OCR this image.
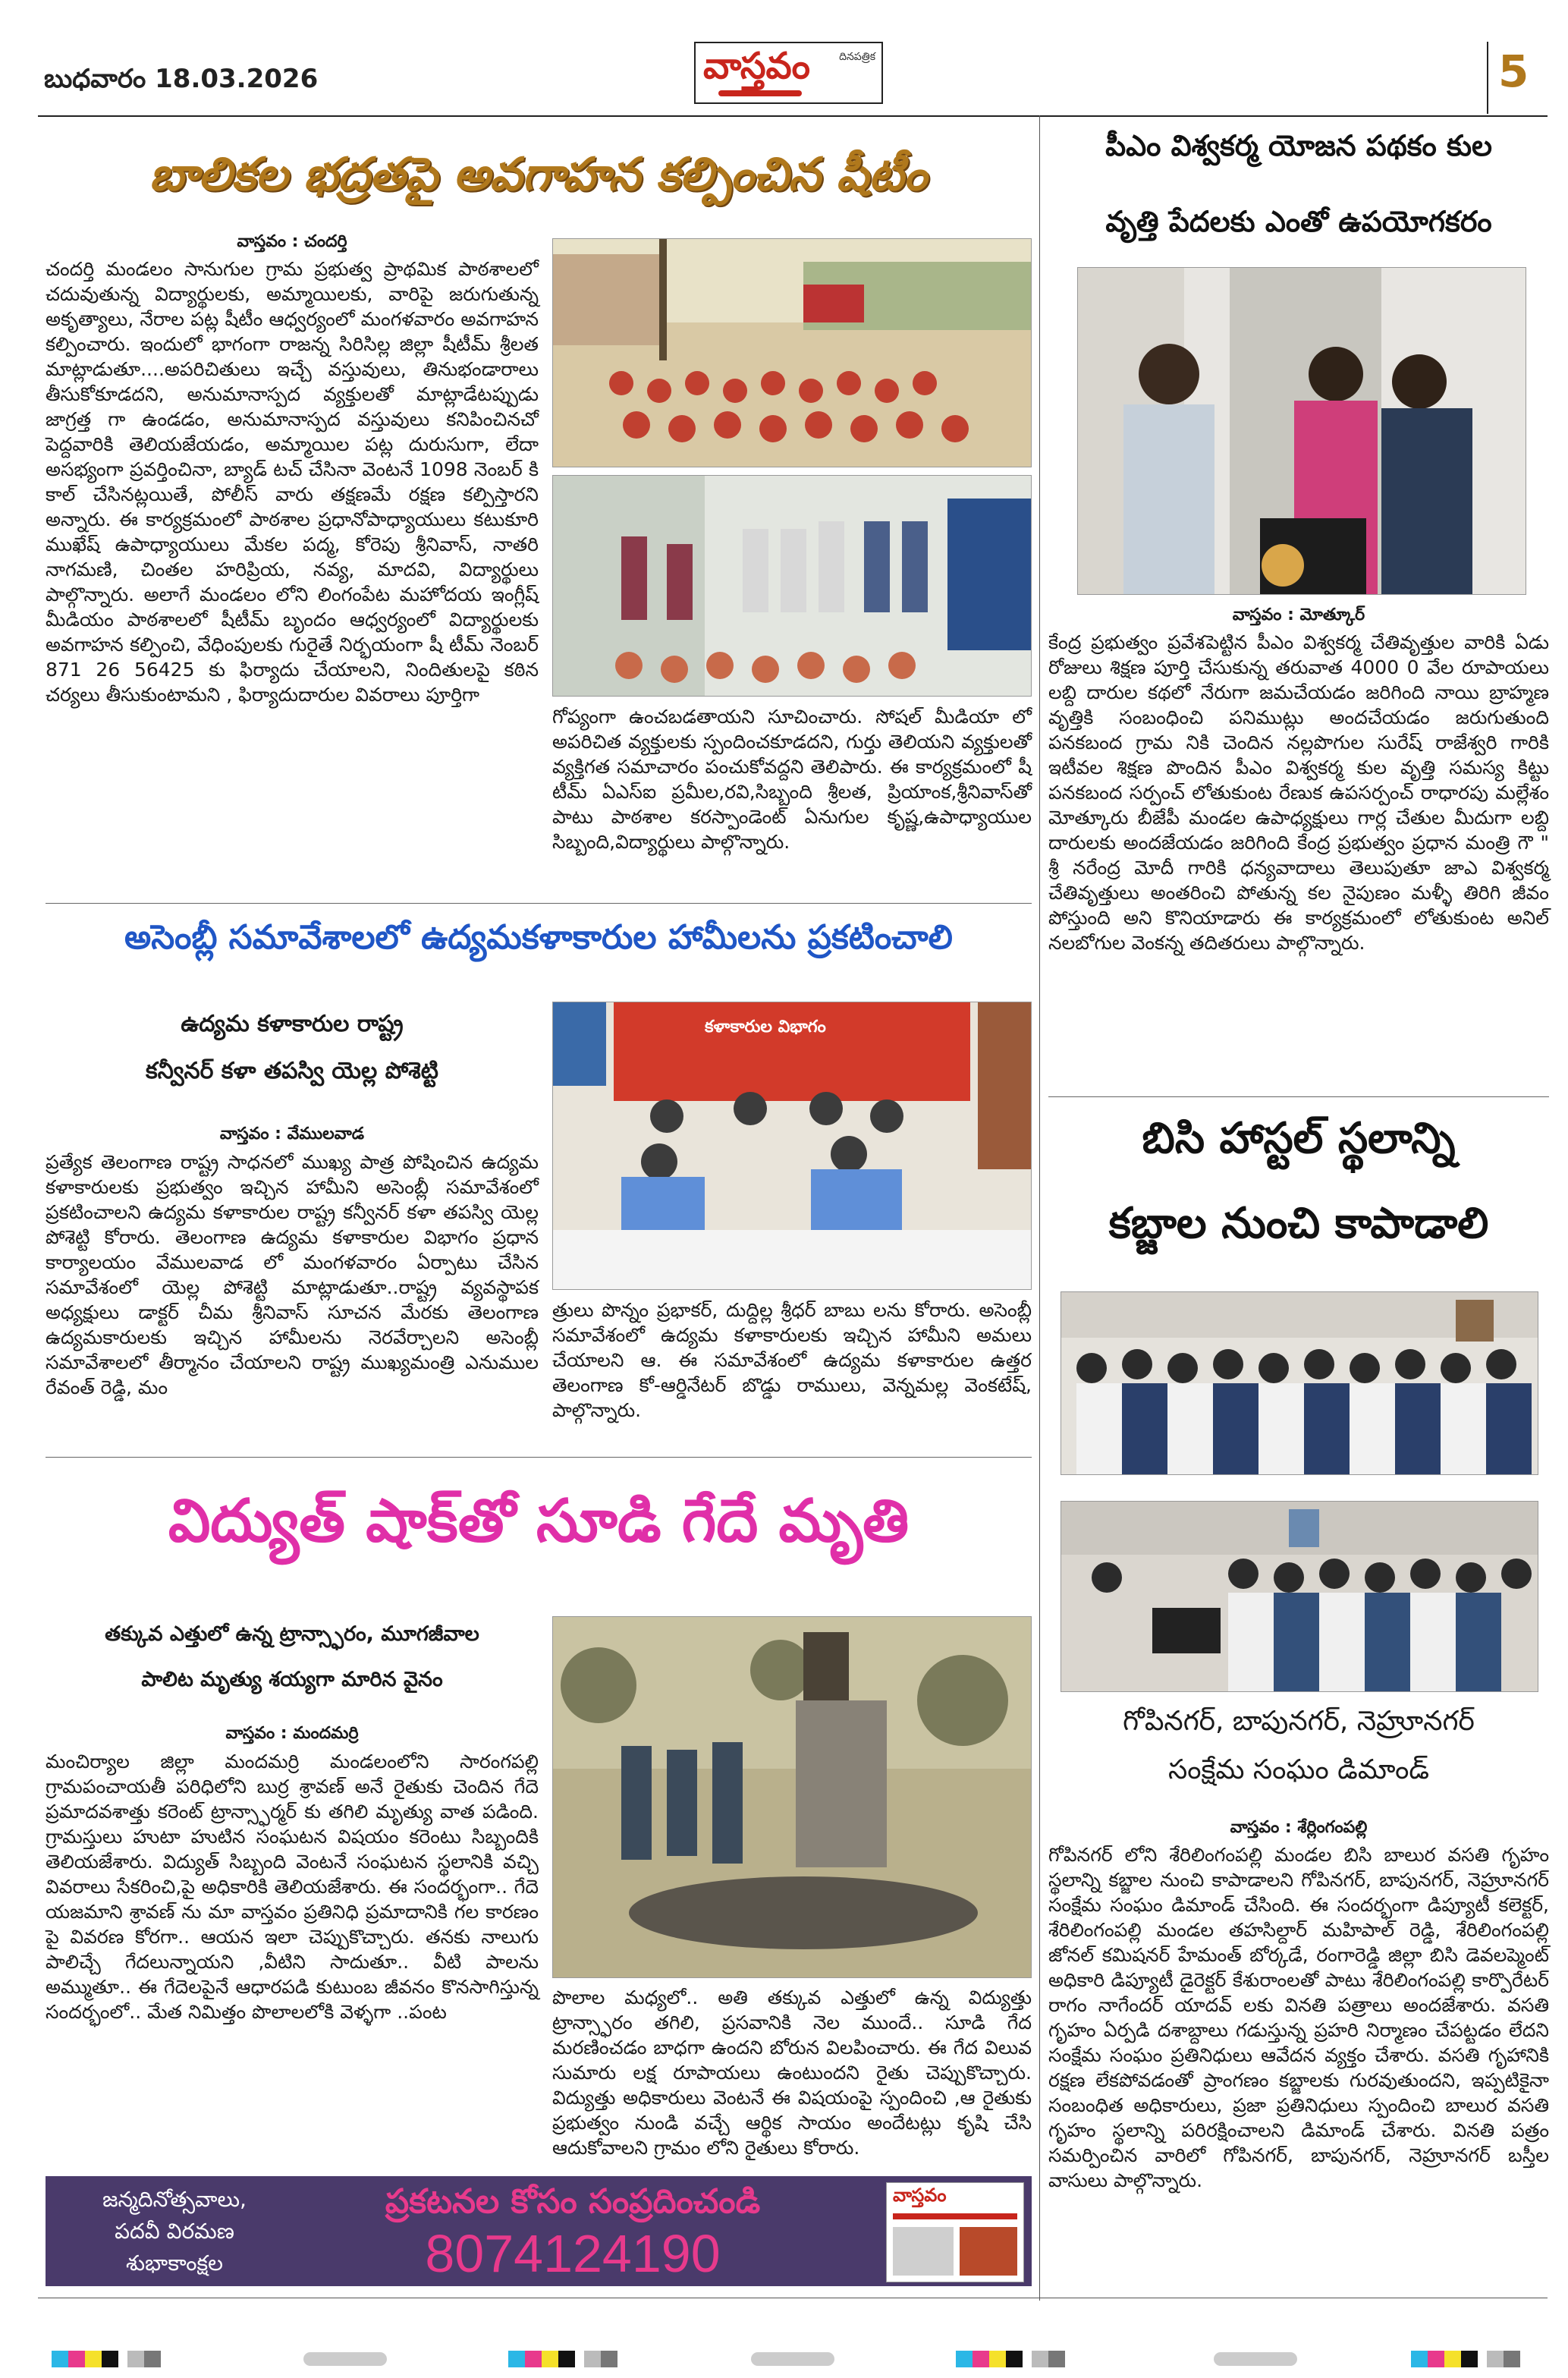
బుధవారం 18.03.2026	వాస్తవం	దినపత్రిక	5
బాలికల భద్రతపై అవగాహన కల్పించిన షీటీం
వాస్తవం : చందర్తి
చందర్తి మండలం సానుగుల గ్రామ ప్రభుత్వ ప్రాథమిక పాఠశాలలో చదువుతున్న విద్యార్థులకు, అమ్మాయిలకు, వారిపై జరుగుతున్న అకృత్యాలు, నేరాల పట్ల షీటీం ఆధ్వర్యంలో మంగళవారం అవగాహన కల్పించారు. ఇందులో భాగంగా రాజన్న సిరిసిల్ల జిల్లా షీటీమ్ శ్రీలత మాట్లాడుతూ....అపరిచితులు ఇచ్చే వస్తువులు, తినుభండారాలు తీసుకోకూడదని, అనుమానాస్పద వ్యక్తులతో మాట్లాడేటప్పుడు జాగ్రత్త గా ఉండడం, అనుమానాస్పద వస్తువులు కనిపించినచో పెద్దవారికి తెలియజేయడం, అమ్మాయిల పట్ల దురుసుగా, లేదా అసభ్యంగా ప్రవర్తించినా, బ్యాడ్ టచ్ చేసినా వెంటనే 1098 నెంబర్ కి కాల్ చేసినట్లయితే, పోలీస్ వారు తక్షణమే రక్షణ కల్పిస్తారని అన్నారు. ఈ కార్యక్రమంలో పాఠశాల ప్రధానోపాధ్యాయులు కటుకూరి ముఖేష్ ఉపాధ్యాయులు మేకల పద్మ, కోరెపు శ్రీనివాస్, నాతరి నాగమణి, చింతల హరిప్రియ, నవ్య, మాదవి, విద్యార్థులు పాల్గొన్నారు. అలాగే మండలం లోని లింగంపేట మహోదయ ఇంగ్లీష్ మీడియం పాఠశాలలో షీటీమ్ బృందం ఆధ్వర్యంలో విద్యార్థులకు అవగాహన కల్పించి, వేధింపులకు గురైతే నిర్భయంగా షీ టీమ్ నెంబర్ 871 26 56425 కు ఫిర్యాదు చేయాలని, నిందితులపై కఠిన చర్యలు తీసుకుంటామని , ఫిర్యాదుదారుల వివరాలు పూర్తిగా
గోప్యంగా ఉంచబడతాయని సూచించారు. సోషల్ మీడియా లో అపరిచిత వ్యక్తులకు స్పందించకూడదని, గుర్తు తెలియని వ్యక్తులతో వ్యక్తిగత సమాచారం పంచుకోవద్దని తెలిపారు. ఈ కార్యక్రమంలో షీ టీమ్ ఏఎస్ఐ ప్రమీల,రవి,సిబ్బంది శ్రీలత, ప్రియాంక,శ్రీనివాస్‌తో పాటు పాఠశాల కరస్పాండెంట్ ఏనుగుల కృష్ణ,ఉపాధ్యాయుల సిబ్బంది,విద్యార్థులు పాల్గొన్నారు.
అసెంబ్లీ సమావేశాలలో ఉద్యమకళాకారుల హామీలను ప్రకటించాలి
ఉద్యమ కళాకారుల రాష్ట్ర
కన్వీనర్ కళా తపస్వి యెల్ల పోశెట్టి
వాస్తవం : వేములవాడ
ప్రత్యేక తెలంగాణ రాష్ట్ర సాధనలో ముఖ్య పాత్ర పోషించిన ఉద్యమ కళాకారులకు ప్రభుత్వం ఇచ్చిన హామీని అసెంబ్లీ సమావేశంలో ప్రకటించాలని ఉద్యమ కళాకారుల రాష్ట్ర కన్వీనర్ కళా తపస్వి యెల్ల పోశెట్టి కోరారు. తెలంగాణ ఉద్యమ కళాకారుల విభాగం ప్రధాన కార్యాలయం వేములవాడ లో మంగళవారం ఏర్పాటు చేసిన సమావేశంలో యెల్ల పోశెట్టి మాట్లాడుతూ..రాష్ట్ర వ్యవస్థాపక అధ్యక్షులు డాక్టర్ చీమ శ్రీనివాస్ సూచన మేరకు తెలంగాణ ఉద్యమకారులకు ఇచ్చిన హామీలను నెరవేర్చాలని అసెంబ్లీ సమావేశాలలో తీర్మానం చేయాలని రాష్ట్ర ముఖ్యమంత్రి ఎనుముల రేవంత్ రెడ్డి, మం
కళాకారుల విభాగం
త్రులు పొన్నం ప్రభాకర్, దుద్దిల్ల శ్రీధర్ బాబు లను కోరారు. అసెంబ్లీ సమావేశంలో ఉద్యమ కళాకారులకు ఇచ్చిన హామీని అమలు చేయాలని ఆ. ఈ సమావేశంలో ఉద్యమ కళాకారుల ఉత్తర తెలంగాణ కో-ఆర్డినేటర్ బొడ్డు రాములు, వెన్నమల్ల వెంకటేష్, పాల్గొన్నారు.
విద్యుత్ షాక్‌తో సూడి గేదే మృతి
తక్కువ ఎత్తులో ఉన్న ట్రాన్స్ఫారం, మూగజీవాల
పాలిట మృత్యు శయ్యగా మారిన వైనం
వాస్తవం : మందమర్రి
మంచిర్యాల జిల్లా మందమర్రి మండలంలోని సారంగపల్లి గ్రామపంచాయతీ పరిధిలోని బుర్ర శ్రావణ్ అనే రైతుకు చెందిన గేదె ప్రమాదవశాత్తు కరెంట్ ట్రాన్స్ఫార్మర్ కు తగిలి మృత్యు వాత పడింది. గ్రామస్తులు హుటా హుటిన సంఘటన విషయం కరెంటు సిబ్బందికి తెలియజేశారు. విద్యుత్ సిబ్బంది వెంటనే సంఘటన స్థలానికి వచ్చి వివరాలు సేకరించి,పై అధికారికి తెలియజేశారు. ఈ సందర్భంగా.. గేదె యజమాని శ్రావణ్ ను మా వాస్తవం ప్రతినిధి ప్రమాదానికి గల కారణం పై వివరణ కోరగా.. ఆయన ఇలా చెప్పుకొచ్చారు. తనకు నాలుగు పాలిచ్చే గేదలున్నాయని ,వీటిని సాదుతూ.. వీటి పాలను అమ్ముతూ.. ఈ గేదెలపైనే ఆధారపడి కుటుంబ జీవనం కొనసాగిస్తున్న సందర్భంలో.. మేత నిమిత్తం పొలాలలోకి వెళ్ళగా ..పంట
పొలాల మధ్యలో.. అతి తక్కువ ఎత్తులో ఉన్న విద్యుత్తు ట్రాన్స్ఫారం తగిలి, ప్రసవానికి నెల ముందే.. సూడి గేద మరణించడం బాధగా ఉందని బోరున విలపించారు. ఈ గేద విలువ సుమారు లక్ష రూపాయలు ఉంటుందని రైతు చెప్పుకొచ్చారు. విద్యుత్తు అధికారులు వెంటనే ఈ విషయంపై స్పందించి ,ఆ రైతుకు ప్రభుత్వం నుండి వచ్చే ఆర్థిక సాయం అందేటట్లు కృషి చేసి ఆదుకోవాలని గ్రామం లోని రైతులు కోరారు.
జన్మదినోత్సవాలు,
పదవీ విరమణ
శుభాకాంక్షల
ప్రకటనల కోసం సంప్రదించండి
8074124190
వాస్తవం
పీఎం విశ్వకర్మ యోజన పథకం కుల
వృత్తి పేదలకు ఎంతో ఉపయోగకరం
వాస్తవం : మోత్కూర్
కేంద్ర ప్రభుత్వం ప్రవేశపెట్టిన పీఎం విశ్వకర్మ చేతివృత్తుల వారికి ఏడు రోజులు శిక్షణ పూర్తి చేసుకున్న తరువాత 4000 0 వేల రూపాయలు లబ్ది దారుల కథలో నేరుగా జమచేయడం జరిగింది నాయి బ్రాహ్మణ వృత్తికి సంబంధించి పనిముట్లు అందచేయడం జరుగుతుంది పనకబంద గ్రామ నికి చెందిన నల్లపొగుల సురేష్ రాజేశ్వరి గారికి ఇటీవల శిక్షణ పొందిన పీఎం విశ్వకర్మ కుల వృత్తి సమస్య కిట్టు పనకబంద సర్పంచ్ లోతుకుంట రేణుక ఉపసర్పంచ్ రాధారపు మల్లేశం మోత్కూరు బీజేపీ మండల ఉపాధ్యక్షులు గార్ల చేతుల మీదుగా లబ్ది దారులకు అందజేయడం జరిగింది కేంద్ర ప్రభుత్వం ప్రధాన మంత్రి గౌ " శ్రీ నరేంద్ర మోదీ గారికి ధన్యవాదాలు తెలుపుతూ జాఎ విశ్వకర్మ చేతివృత్తులు అంతరించి పోతున్న కల నైపుణం మళ్ళీ తిరిగి జీవం పోస్తుంది అని కొనియాడారు ఈ కార్యక్రమంలో లోతుకుంట అనిల్ నలబోగుల వెంకన్న తదితరులు పాల్గొన్నారు.
బిసి హాస్టల్ స్థలాన్ని
కబ్జాల నుంచి కాపాడాలి
గోపినగర్, బాపునగర్, నెహ్రూనగర్
సంక్షేమ సంఘం డిమాండ్
వాస్తవం : శేర్లింగంపల్లి
గోపినగర్ లోని శేరిలింగంపల్లి మండల బిసి బాలుర వసతి గృహం స్థలాన్ని కబ్జాల నుంచి కాపాడాలని గోపినగర్, బాపునగర్, నెహ్రూనగర్ సంక్షేమ సంఘం డిమాండ్ చేసింది. ఈ సందర్భంగా డిప్యూటీ కలెక్టర్, శేరిలింగంపల్లి మండల తహసిల్దార్ మహిపాల్ రెడ్డి, శేరిలింగంపల్లి జోనల్ కమిషనర్ హేమంత్ బోర్కడే, రంగారెడ్డి జిల్లా బిసి డెవలప్మెంట్ అధికారి డిప్యూటీ డైరెక్టర్ కేశురాంలతో పాటు శేరిలింగంపల్లి కార్పొరేటర్ రాగం నాగేందర్ యాదవ్ లకు వినతి పత్రాలు అందజేశారు. వసతి గృహం ఏర్పడి దశాబ్దాలు గడుస్తున్న ప్రహరి నిర్మాణం చేపట్టడం లేదని సంక్షేమ సంఘం ప్రతినిధులు ఆవేదన వ్యక్తం చేశారు. వసతి గృహానికి రక్షణ లేకపోవడంతో ప్రాంగణం కబ్జాలకు గురవుతుందని, ఇప్పటికైనా సంబంధిత అధికారులు, ప్రజా ప్రతినిధులు స్పందించి బాలుర వసతి గృహం స్థలాన్ని పరిరక్షించాలని డిమాండ్ చేశారు. వినతి పత్రం సమర్పించిన వారిలో గోపినగర్, బాపునగర్, నెహ్రూనగర్ బస్తీల వాసులు పాల్గొన్నారు.
